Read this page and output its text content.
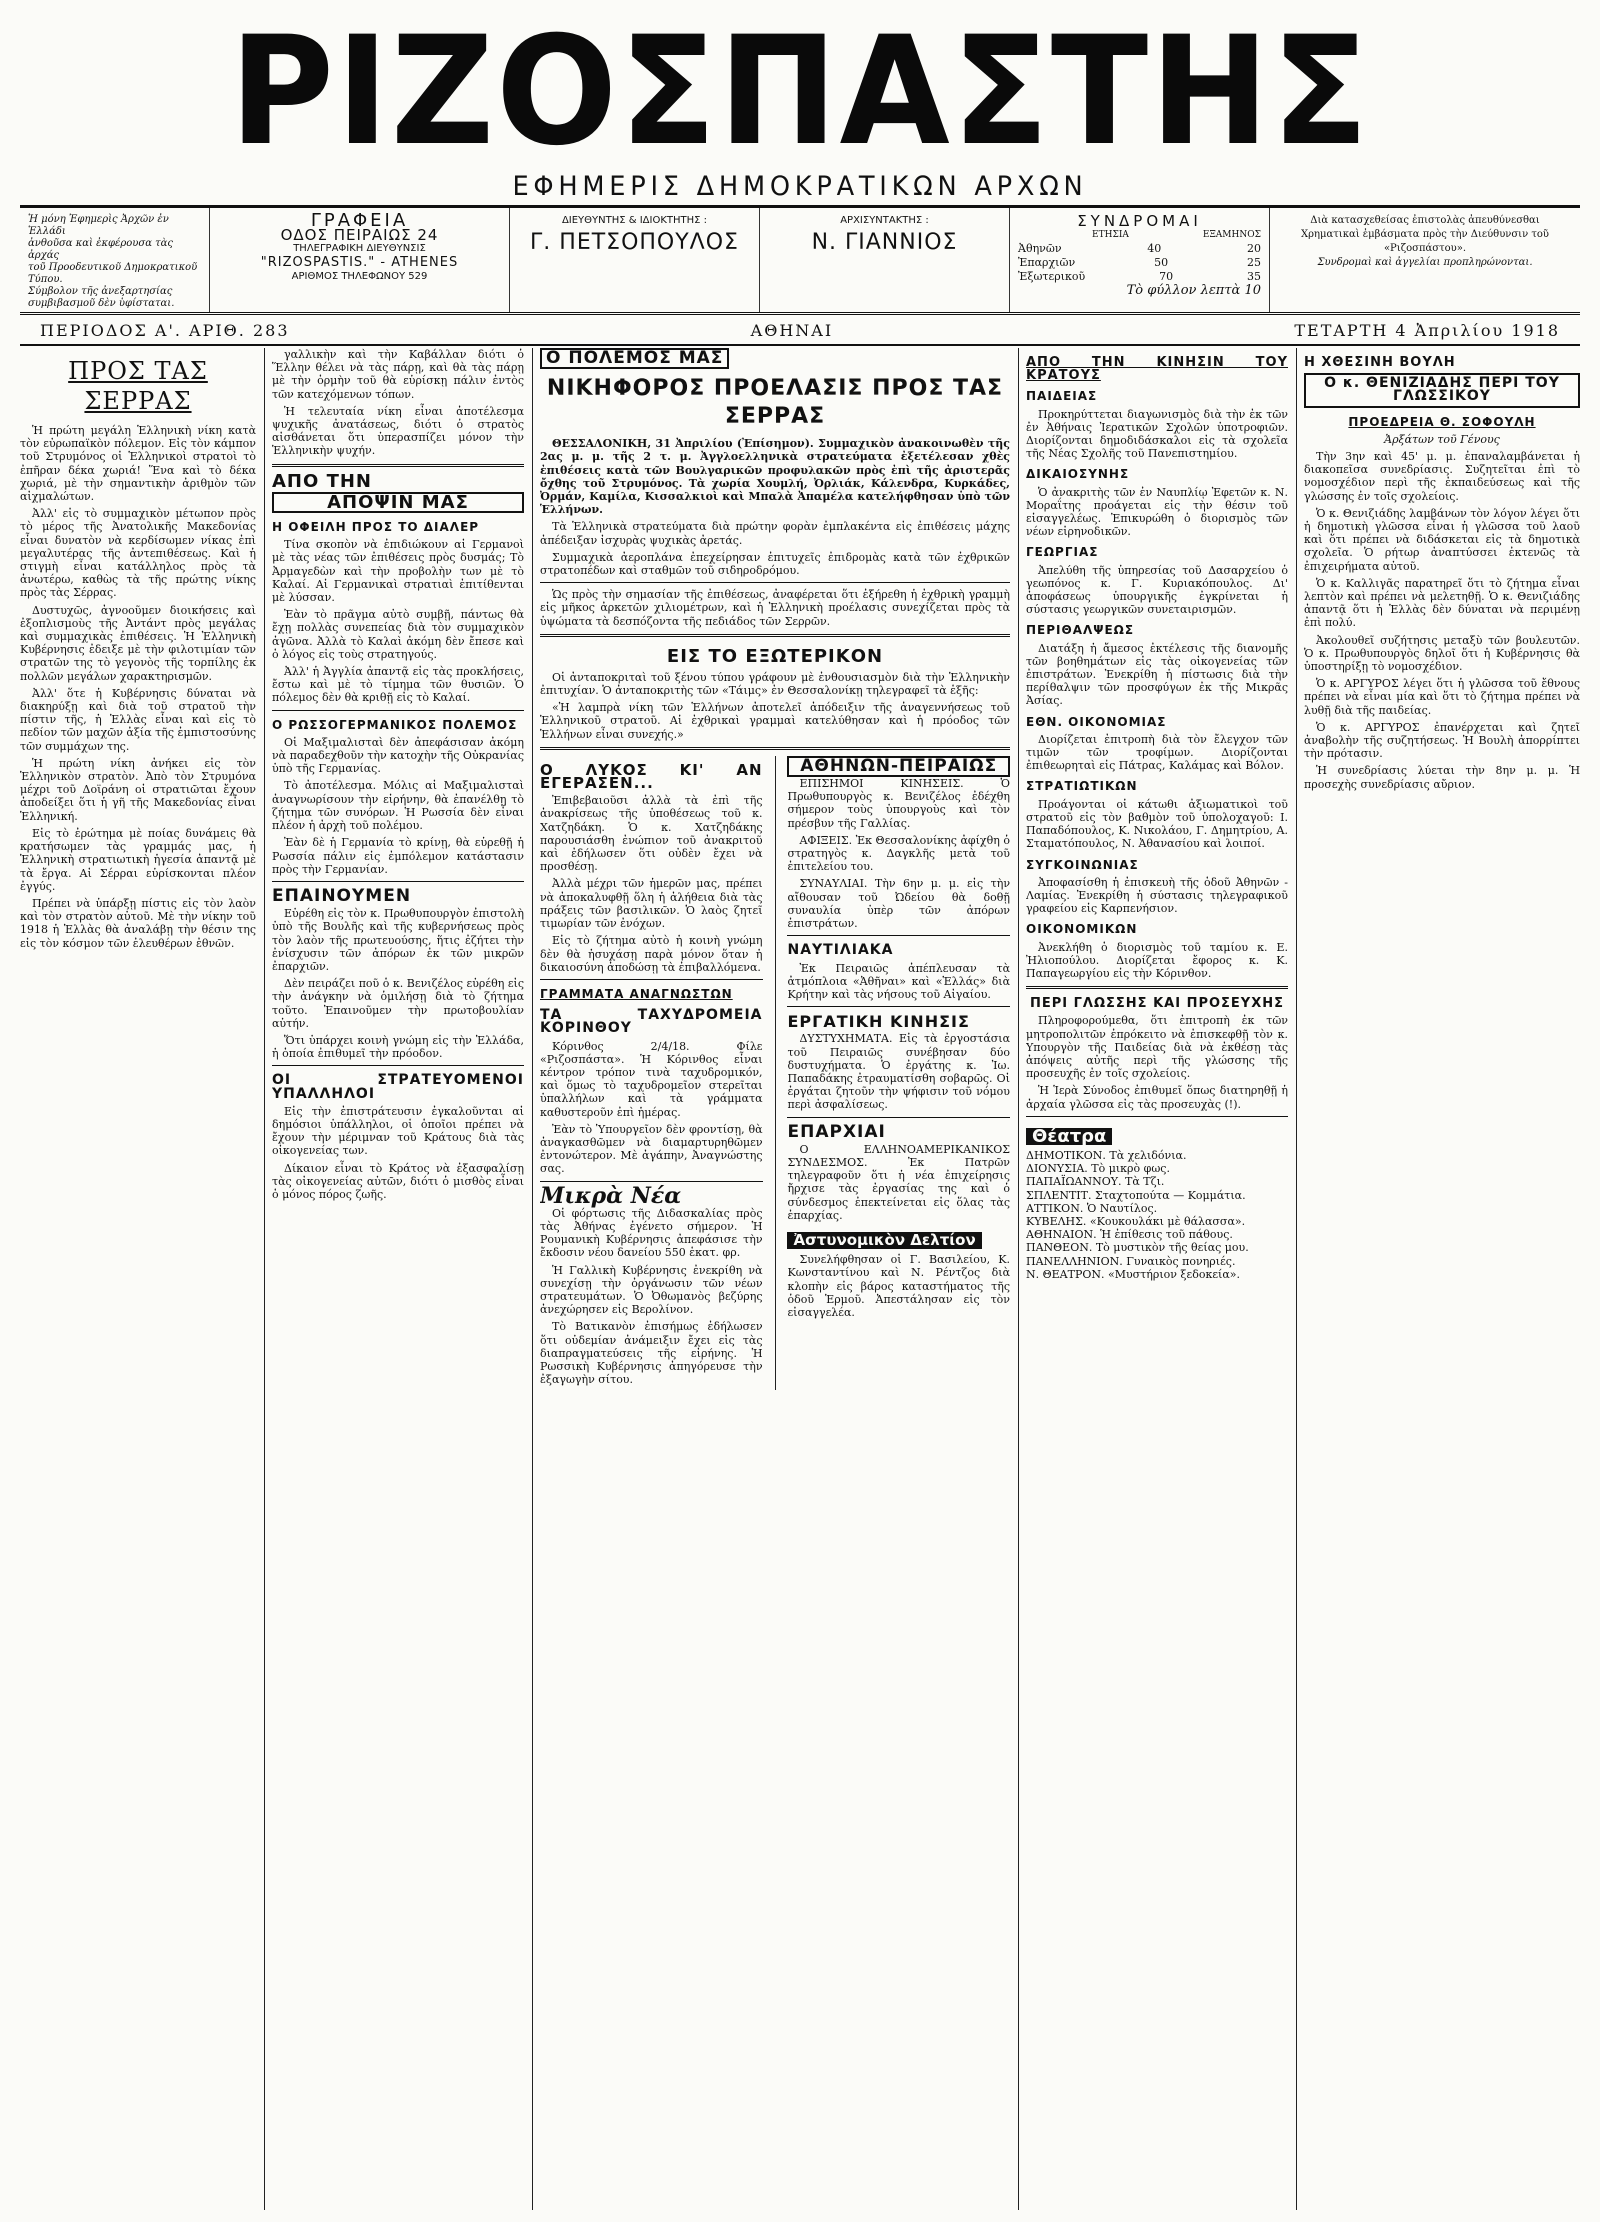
ΡΙΖΟΣΠΑΣΤΗΣ
ΕΦΗΜΕΡΙΣ ΔΗΜΟΚΡΑΤΙΚΩΝ ΑΡΧΩΝ
Ἡ μόνη Ἐφημερὶς Ἀρχῶν ἐν Ἑλλάδι
ἀνθοῦσα καὶ ἐκφέρουσα τὰς ἀρχάς
τοῦ Προοδευτικοῦ Δημοκρατικοῦ Τύπου.
Σύμβολον τῆς ἀνεξαρτησίας
συμβιβασμοῦ δὲν ὑφίσταται.
ΓΡΑΦΕΙΑ
ΟΔΟΣ ΠΕΙΡΑΙΩΣ 24
ΤΗΛΕΓΡΑΦΙΚΗ ΔΙΕΥΘΥΝΣΙΣ
"RIZOSPASTIS." - ATHENES
ΑΡΙΘΜΟΣ ΤΗΛΕΦΩΝΟΥ 529
ΔΙΕΥΘΥΝΤΗΣ & ΙΔΙΟΚΤΗΤΗΣ :
Γ. ΠΕΤΣΟΠΟΥΛΟΣ
ΑΡΧΙΣΥΝΤΑΚΤΗΣ :
Ν. ΓΙΑΝΝΙΟΣ
ΣΥΝΔΡΟΜΑΙ
ΕΤΗΣΙΑ	ΕΞΑΜΗΝΟΣ
Ἀθηνῶν	40	20
Ἐπαρχιῶν	50	25
Ἐξωτερικοῦ	70	35
Τὸ φύλλον λεπτὰ 10
Διὰ κατασχεθείσας ἐπιστολὰς ἀπευθύνεσθαι
Χρηματικαὶ ἐμβάσματα πρὸς τὴν Διεύθυνσιν τοῦ
«Ριζοσπάστου».
Συνδρομαὶ καὶ ἀγγελίαι προπληρώνονται.
ΠΕΡΙΟΔΟΣ Α'. ΑΡΙΘ. 283	ΑΘΗΝΑΙ	ΤΕΤΑΡΤΗ 4 Ἀπριλίου 1918
ΠΡΟΣ ΤΑΣ ΣΕΡΡΑΣ

Ἡ πρώτη μεγάλη Ἑλληνικὴ νίκη κατὰ τὸν εὐρωπαϊκὸν πόλεμον. Εἰς τὸν κάμπον τοῦ Στρυμόνος οἱ Ἑλληνικοὶ στρατοὶ τὸ ἐπῆραν δέκα χωριά! Ἕνα καὶ τὸ δέκα χωριά, μὲ τὴν σημαντικὴν ἀριθμὸν τῶν αἰχμαλώτων.

Ἀλλ' εἰς τὸ συμμαχικὸν μέτωπον πρὸς τὸ μέρος τῆς Ἀνατολικῆς Μακεδονίας εἶναι δυνατὸν νὰ κερδίσωμεν νίκας ἐπὶ μεγαλυτέρας τῆς ἀντεπιθέσεως. Καὶ ἡ στιγμὴ εἶναι κατάλληλος πρὸς τὰ ἀνωτέρω, καθὼς τὰ τῆς πρώτης νίκης πρὸς τὰς Σέρρας.

Δυστυχῶς, ἀγνοοῦμεν διοικήσεις καὶ ἐξοπλισμοὺς τῆς Ἀντάντ πρὸς μεγάλας καὶ συμμαχικὰς ἐπιθέσεις. Ἡ Ἑλληνικὴ Κυβέρνησις ἐδειξε μὲ τὴν φιλοτιμίαν τῶν στρατῶν της τὸ γεγονὸς τῆς τορπίλης ἐκ πολλῶν μεγάλων χαρακτηρισμῶν.

Ἀλλ' ὅτε ἡ Κυβέρνησις δύναται νὰ διακηρύξῃ καὶ διὰ τοῦ στρατοῦ τὴν πίστιν τῆς, ἡ Ἑλλὰς εἶναι καὶ εἰς τὸ πεδίον τῶν μαχῶν ἀξία τῆς ἐμπιστοσύνης τῶν συμμάχων της.

Ἡ πρώτη νίκη ἀνήκει εἰς τὸν Ἑλληνικὸν στρατὸν. Ἀπὸ τὸν Στρυμόνα μέχρι τοῦ Δοϊράνη οἱ στρατιῶται ἔχουν ἀποδείξει ὅτι ἡ γῆ τῆς Μακεδονίας εἶναι Ἑλληνική.

Εἰς τὸ ἐρώτημα μὲ ποίας δυνάμεις θὰ κρατήσωμεν τὰς γραμμάς μας, ἡ Ἑλληνικὴ στρατιωτικὴ ἡγεσία ἀπαντᾷ μὲ τὰ ἔργα. Αἱ Σέρραι εὑρίσκονται πλέον ἐγγύς.

Πρέπει νὰ ὑπάρξῃ πίστις εἰς τὸν λαὸν καὶ τὸν στρατὸν αὐτοῦ. Μὲ τὴν νίκην τοῦ 1918 ἡ Ἑλλὰς θὰ ἀναλάβῃ τὴν θέσιν της εἰς τὸν κόσμον τῶν ἐλευθέρων ἐθνῶν.

γαλλικὴν καὶ τὴν Καβάλλαν διότι ὁ Ἕλλην θέλει νὰ τὰς πάρῃ, καὶ θὰ τὰς πάρῃ μὲ τὴν ὁρμὴν τοῦ θὰ εὑρίσκῃ πάλιν ἐντὸς τῶν κατεχόμενων τόπων.

Ἡ τελευταία νίκη εἶναι ἀποτέλεσμα ψυχικῆς ἀνατάσεως, διότι ὁ στρατὸς αἰσθάνεται ὅτι ὑπερασπίζει μόνον τὴν Ἑλληνικὴν ψυχήν.

ΑΠΟ ΤΗΝ
ΑΠΟΨΙΝ ΜΑΣ
Η ΟΦΕΙΛΗ ΠΡΟΣ ΤΟ ΔΙΑΛΕΡ

Τίνα σκοπὸν νὰ ἐπιδιώκουν αἱ Γερμανοὶ μὲ τὰς νέας τῶν ἐπιθέσεις πρὸς δυσμάς; Τὸ Ἀρμαγεδὼν καὶ τὴν προβολὴν των μὲ τὸ Καλαί. Αἱ Γερμανικαὶ στρατιαὶ ἐπιτίθενται μὲ λύσσαν.

Ἐὰν τὸ πρᾶγμα αὐτὸ συμβῇ, πάντως θὰ ἔχῃ πολλὰς συνεπείας διὰ τὸν συμμαχικὸν ἀγῶνα. Ἀλλὰ τὸ Καλαὶ ἀκόμη δὲν ἔπεσε καὶ ὁ λόγος εἰς τοὺς στρατηγούς.

Ἀλλ' ἡ Ἀγγλία ἀπαντᾷ εἰς τὰς προκλήσεις, ἔστω καὶ μὲ τὸ τίμημα τῶν θυσιῶν. Ὁ πόλεμος δὲν θὰ κριθῇ εἰς τὸ Καλαί.

Ο ΡΩΣΣΟΓΕΡΜΑΝΙΚΟΣ ΠΟΛΕΜΟΣ

Οἱ Μαξιμαλισταὶ δὲν ἀπεφάσισαν ἀκόμη νὰ παραδεχθοῦν τὴν κατοχὴν τῆς Οὐκρανίας ὑπὸ τῆς Γερμανίας.

Τὸ ἀποτέλεσμα. Μόλις αἱ Μαξιμαλισταὶ ἀναγνωρίσουν τὴν εἰρήνην, θὰ ἐπανέλθῃ τὸ ζήτημα τῶν συνόρων. Ἡ Ρωσσία δὲν εἶναι πλέον ἡ ἀρχὴ τοῦ πολέμου.

Ἐὰν δὲ ἡ Γερμανία τὸ κρίνῃ, θὰ εὑρεθῇ ἡ Ρωσσία πάλιν εἰς ἐμπόλεμον κατάστασιν πρὸς τὴν Γερμανίαν.

ΕΠΑΙΝΟΥΜΕΝ

Εὑρέθη εἰς τὸν κ. Πρωθυπουργὸν ἐπιστολὴ ὑπὸ τῆς Βουλῆς καὶ τῆς κυβερνήσεως πρὸς τὸν λαὸν τῆς πρωτευούσης, ἥτις ἐζήτει τὴν ἐνίσχυσιν τῶν ἀπόρων ἐκ τῶν μικρῶν ἐπαρχιῶν.

Δὲν πειράζει ποῦ ὁ κ. Βενιζέλος εὑρέθη εἰς τὴν ἀνάγκην νὰ ὁμιλήσῃ διὰ τὸ ζήτημα τοῦτο. Ἐπαινοῦμεν τὴν πρωτοβουλίαν αὐτήν.

Ὅτι ὑπάρχει κοινὴ γνώμη εἰς τὴν Ἑλλάδα, ἡ ὁποία ἐπιθυμεῖ τὴν πρόοδον.

ΟΙ ΣΤΡΑΤΕΥΟΜΕΝΟΙ ΥΠΑΛΛΗΛΟΙ

Εἰς τὴν ἐπιστράτευσιν ἐγκαλοῦνται αἱ δημόσιοι ὑπάλληλοι, οἱ ὁποῖοι πρέπει νὰ ἔχουν τὴν μέριμναν τοῦ Κράτους διὰ τὰς οἰκογενείας των.

Δίκαιον εἶναι τὸ Κράτος νὰ ἐξασφαλίσῃ τὰς οἰκογενείας αὐτῶν, διότι ὁ μισθὸς εἶναι ὁ μόνος πόρος ζωῆς.

Ο ΠΟΛΕΜΟΣ ΜΑΣ
ΝΙΚΗΦΟΡΟΣ ΠΡΟΕΛΑΣΙΣ ΠΡΟΣ ΤΑΣ ΣΕΡΡΑΣ

ΘΕΣΣΑΛΟΝΙΚΗ, 31 Ἀπριλίου (Ἐπίσημον). Συμμαχικὸν ἀνακοινωθὲν τῆς 2ας μ. μ. τῆς 2 τ. μ. Ἀγγλοελληνικὰ στρατεύματα ἐξετέλεσαν χθὲς ἐπιθέσεις κατὰ τῶν Βουλγαρικῶν προφυλακῶν πρὸς ἐπὶ τῆς ἀριστερᾶς ὄχθης τοῦ Στρυμόνος. Τὰ χωρία Χουμλή, Ὀρλιάκ, Κάλενδρα, Κυρκάδες, Ὀρμάν, Καμίλα, Κισσαλκιοὶ καὶ Μπαλὰ Ἀπαμέλα κατελήφθησαν ὑπὸ τῶν Ἑλλήνων.

Τὰ Ἑλληνικὰ στρατεύματα διὰ πρώτην φορὰν ἐμπλακέντα εἰς ἐπιθέσεις μάχης ἀπέδειξαν ἰσχυρὰς ψυχικὰς ἀρετάς.

Συμμαχικὰ ἀεροπλάνα ἐπεχείρησαν ἐπιτυχεῖς ἐπιδρομὰς κατὰ τῶν ἐχθρικῶν στρατοπέδων καὶ σταθμῶν τοῦ σιδηροδρόμου.

Ὡς πρὸς τὴν σημασίαν τῆς ἐπιθέσεως, ἀναφέρεται ὅτι ἐξήρεθη ἡ ἐχθρικὴ γραμμὴ εἰς μῆκος ἀρκετῶν χιλιομέτρων, καὶ ἡ Ἑλληνικὴ προέλασις συνεχίζεται πρὸς τὰ ὑψώματα τὰ δεσπόζοντα τῆς πεδιάδος τῶν Σερρῶν.

ΕΙΣ ΤΟ ΕΞΩΤΕΡΙΚΟΝ

Οἱ ἀνταποκριταὶ τοῦ ξένου τύπου γράφουν μὲ ἐνθουσιασμὸν διὰ τὴν Ἑλληνικὴν ἐπιτυχίαν. Ὁ ἀνταποκριτὴς τῶν «Τάιμς» ἐν Θεσσαλονίκῃ τηλεγραφεῖ τὰ ἑξῆς:

«Ἡ λαμπρὰ νίκη τῶν Ἑλλήνων ἀποτελεῖ ἀπόδειξιν τῆς ἀναγεννήσεως τοῦ Ἑλληνικοῦ στρατοῦ. Αἱ ἐχθρικαὶ γραμμαὶ κατελύθησαν καὶ ἡ πρόοδος τῶν Ἑλλήνων εἶναι συνεχής.»

Ο ΛΥΚΟΣ ΚΙ' ΑΝ ΕΓΕΡΑΣΕΝ...

Ἐπιβεβαιοῦσι ἀλλὰ τὰ ἐπὶ τῆς ἀνακρίσεως τῆς ὑποθέσεως τοῦ κ. Χατζηδάκη. Ὁ κ. Χατζηδάκης παρουσιάσθη ἐνώπιον τοῦ ἀνακριτοῦ καὶ ἐδήλωσεν ὅτι οὐδὲν ἔχει νὰ προσθέσῃ.

Ἀλλὰ μέχρι τῶν ἡμερῶν μας, πρέπει νὰ ἀποκαλυφθῇ ὅλη ἡ ἀλήθεια διὰ τὰς πράξεις τῶν βασιλικῶν. Ὁ λαὸς ζητεῖ τιμωρίαν τῶν ἐνόχων.

Εἰς τὸ ζήτημα αὐτὸ ἡ κοινὴ γνώμη δὲν θὰ ἡσυχάσῃ παρὰ μόνον ὅταν ἡ δικαιοσύνη ἀποδώσῃ τὰ ἐπιβαλλόμενα.

ΓΡΑΜΜΑΤΑ ΑΝΑΓΝΩΣΤΩΝ
ΤΑ ΤΑΧΥΔΡΟΜΕΙΑ ΚΟΡΙΝΘΟΥ

Κόρινθος 2/4/18. Φίλε «Ριζοσπάστα». Ἡ Κόρινθος εἶναι κέντρον τρόπον τινὰ ταχυδρομικόν, καὶ ὅμως τὸ ταχυδρομεῖον στερεῖται ὑπαλλήλων καὶ τὰ γράμματα καθυστεροῦν ἐπὶ ἡμέρας.

Ἐὰν τὸ Ὑπουργεῖον δὲν φροντίσῃ, θὰ ἀναγκασθῶμεν νὰ διαμαρτυρηθῶμεν ἐντονώτερον. Μὲ ἀγάπην, Ἀναγνώστης σας.

Μικρὰ Νέα

Οἱ φόρτωσις τῆς Διδασκαλίας πρὸς τὰς Ἀθήνας ἐγένετο σήμερον. Ἡ Ρουμανικὴ Κυβέρνησις ἀπεφάσισε τὴν ἔκδοσιν νέου δανείου 550 ἑκατ. φρ.

Ἡ Γαλλικὴ Κυβέρνησις ἐνεκρίθη νὰ συνεχίσῃ τὴν ὀργάνωσιν τῶν νέων στρατευμάτων. Ὁ Ὀθωμανὸς βεζύρης ἀνεχώρησεν εἰς Βερολίνον.

Τὸ Βατικανὸν ἐπισήμως ἐδήλωσεν ὅτι οὐδεμίαν ἀνάμειξιν ἔχει εἰς τὰς διαπραγματεύσεις τῆς εἰρήνης. Ἡ Ρωσσικὴ Κυβέρνησις ἀπηγόρευσε τὴν ἐξαγωγὴν σίτου.

ΑΘΗΝΩΝ-ΠΕΙΡΑΙΩΣ

ΕΠΙΣΗΜΟΙ ΚΙΝΗΣΕΙΣ. Ὁ Πρωθυπουργὸς κ. Βενιζέλος ἐδέχθη σήμερον τοὺς ὑπουργοὺς καὶ τὸν πρέσβυν τῆς Γαλλίας.

ΑΦΙΞΕΙΣ. Ἐκ Θεσσαλονίκης ἀφίχθη ὁ στρατηγὸς κ. Δαγκλῆς μετὰ τοῦ ἐπιτελείου του.

ΣΥΝΑΥΛΙΑΙ. Τὴν 6ην μ. μ. εἰς τὴν αἴθουσαν τοῦ Ὠδείου θὰ δοθῇ συναυλία ὑπὲρ τῶν ἀπόρων ἐπιστράτων.

ΝΑΥΤΙΛΙΑΚΑ

Ἐκ Πειραιῶς ἀπέπλευσαν τὰ ἀτμόπλοια «Ἀθῆναι» καὶ «Ἑλλάς» διὰ Κρήτην καὶ τὰς νήσους τοῦ Αἰγαίου.

ΕΡΓΑΤΙΚΗ ΚΙΝΗΣΙΣ

ΔΥΣΤΥΧΗΜΑΤΑ. Εἰς τὰ ἐργοστάσια τοῦ Πειραιῶς συνέβησαν δύο δυστυχήματα. Ὁ ἐργάτης κ. Ἰω. Παπαδάκης ἐτραυματίσθη σοβαρῶς. Οἱ ἐργάται ζητοῦν τὴν ψήφισιν τοῦ νόμου περὶ ἀσφαλίσεως.

ΕΠΑΡΧΙΑΙ

Ο ΕΛΛΗΝΟΑΜΕΡΙΚΑΝΙΚΟΣ ΣΥΝΔΕΣΜΟΣ. Ἐκ Πατρῶν τηλεγραφοῦν ὅτι ἡ νέα ἐπιχείρησις ἤρχισε τὰς ἐργασίας της καὶ ὁ σύνδεσμος ἐπεκτείνεται εἰς ὅλας τὰς ἐπαρχίας.

Ἀστυνομικὸν Δελτίον

Συνελήφθησαν οἱ Γ. Βασιλείου, Κ. Κωνσταντίνου καὶ Ν. Ρέντζος διὰ κλοπὴν εἰς βάρος καταστήματος τῆς ὁδοῦ Ἑρμοῦ. Ἀπεστάλησαν εἰς τὸν εἰσαγγελέα.

ΑΠΟ ΤΗΝ ΚΙΝΗΣΙΝ ΤΟΥ ΚΡΑΤΟΥΣ
ΠΑΙΔΕΙΑΣ

Προκηρύττεται διαγωνισμὸς διὰ τὴν ἐκ τῶν ἐν Ἀθήναις Ἰερατικῶν Σχολῶν ὑποτροφιῶν. Διορίζονται δημοδιδάσκαλοι εἰς τὰ σχολεῖα τῆς Νέας Σχολῆς τοῦ Πανεπιστημίου.

ΔΙΚΑΙΟΣΥΝΗΣ

Ὁ ἀνακριτὴς τῶν ἐν Ναυπλίῳ Ἐφετῶν κ. Ν. Μοραΐτης προάγεται εἰς τὴν θέσιν τοῦ εἰσαγγελέως. Ἐπικυρώθη ὁ διορισμὸς τῶν νέων εἰρηνοδικῶν.

ΓΕΩΡΓΙΑΣ

Ἀπελύθη τῆς ὑπηρεσίας τοῦ Δασαρχείου ὁ γεωπόνος κ. Γ. Κυριακόπουλος. Δι' ἀποφάσεως ὑπουργικῆς ἐγκρίνεται ἡ σύστασις γεωργικῶν συνεταιρισμῶν.

ΠΕΡΙΘΑΛΨΕΩΣ

Διατάξη ἡ ἄμεσος ἐκτέλεσις τῆς διανομῆς τῶν βοηθημάτων εἰς τὰς οἰκογενείας τῶν ἐπιστράτων. Ἐνεκρίθη ἡ πίστωσις διὰ τὴν περίθαλψιν τῶν προσφύγων ἐκ τῆς Μικρᾶς Ἀσίας.

ΕΘΝ. ΟΙΚΟΝΟΜΙΑΣ

Διορίζεται ἐπιτροπὴ διὰ τὸν ἔλεγχον τῶν τιμῶν τῶν τροφίμων. Διορίζονται ἐπιθεωρηταὶ εἰς Πάτρας, Καλάμας καὶ Βόλον.

ΣΤΡΑΤΙΩΤΙΚΩΝ

Προάγονται οἱ κάτωθι ἀξιωματικοὶ τοῦ στρατοῦ εἰς τὸν βαθμὸν τοῦ ὑπολοχαγοῦ: Ι. Παπαδόπουλος, Κ. Νικολάου, Γ. Δημητρίου, Α. Σταματόπουλος, Ν. Ἀθανασίου καὶ λοιποί.

ΣΥΓΚΟΙΝΩΝΙΑΣ

Ἀποφασίσθη ἡ ἐπισκευὴ τῆς ὁδοῦ Ἀθηνῶν - Λαμίας. Ἐνεκρίθη ἡ σύστασις τηλεγραφικοῦ γραφείου εἰς Καρπενήσιον.

ΟΙΚΟΝΟΜΙΚΩΝ

Ἀνεκλήθη ὁ διορισμὸς τοῦ ταμίου κ. Ε. Ἠλιοπούλου. Διορίζεται ἔφορος κ. Κ. Παπαγεωργίου εἰς τὴν Κόρινθον.

ΠΕΡΙ ΓΛΩΣΣΗΣ ΚΑΙ ΠΡΟΣΕΥΧΗΣ

Πληροφορούμεθα, ὅτι ἐπιτροπὴ ἐκ τῶν μητροπολιτῶν ἐπρόκειτο νὰ ἐπισκεφθῇ τὸν κ. Υπουργὸν τῆς Παιδείας διὰ νὰ ἐκθέσῃ τὰς ἀπόψεις αὐτῆς περὶ τῆς γλώσσης τῆς προσευχῆς ἐν τοῖς σχολείοις.

Ἡ Ἱερὰ Σύνοδος ἐπιθυμεῖ ὅπως διατηρηθῇ ἡ ἀρχαία γλῶσσα εἰς τὰς προσευχὰς (!).

Θέατρα
ΔΗΜΟΤΙΚΟΝ. Τὰ χελιδόνια.
ΔΙΟΝΥΣΙΑ. Τὸ μικρὸ φως.
ΠΑΠΑΪΩΑΝΝΟΥ. Τὰ Τζι.
ΣΠΛΕΝΤΙΤ. Σταχτοπούτα — Κομμάτια.
ΑΤΤΙΚΟΝ. Ὁ Ναυτίλος.
ΚΥΒΕΛΗΣ. «Κουκουλάκι μὲ θάλασσα».
ΑΘΗΝΑΙΟΝ. Ἡ ἐπίθεσις τοῦ πάθους.
ΠΑΝΘΕΟΝ. Τὸ μυστικὸν τῆς θείας μου.
ΠΑΝΕΛΛΗΝΙΟΝ. Γυναικὸς πονηριές.
Ν. ΘΕΑΤΡΟΝ. «Μυστήριον ξεδοκεία».
Η ΧΘΕΣΙΝΗ ΒΟΥΛΗ
Ο κ. ΘΕΝΙΖΙΑΔΗΣ ΠΕΡΙ ΤΟΥ ΓΛΩΣΣΙΚΟΥ
ΠΡΟΕΔΡΕΙΑ Θ. ΣΟΦΟΥΛΗ
Ἀρξάτων τοῦ Γένους

Τὴν 3ην καὶ 45' μ. μ. ἐπαναλαμβάνεται ἡ διακοπεῖσα συνεδρίασις. Συζητεῖται ἐπὶ τὸ νομοσχέδιον περὶ τῆς ἐκπαιδεύσεως καὶ τῆς γλώσσης ἐν τοῖς σχολείοις.

Ὁ κ. Θενιζιάδης λαμβάνων τὸν λόγον λέγει ὅτι ἡ δημοτικὴ γλῶσσα εἶναι ἡ γλῶσσα τοῦ λαοῦ καὶ ὅτι πρέπει νὰ διδάσκεται εἰς τὰ δημοτικὰ σχολεῖα. Ὁ ρήτωρ ἀναπτύσσει ἐκτενῶς τὰ ἐπιχειρήματα αὐτοῦ.

Ὁ κ. Καλλιγᾶς παρατηρεῖ ὅτι τὸ ζήτημα εἶναι λεπτὸν καὶ πρέπει νὰ μελετηθῇ. Ὁ κ. Θενιζιάδης ἀπαντᾷ ὅτι ἡ Ἑλλὰς δὲν δύναται νὰ περιμένῃ ἐπὶ πολύ.

Ἀκολουθεῖ συζήτησις μεταξὺ τῶν βουλευτῶν. Ὁ κ. Πρωθυπουργὸς δηλοῖ ὅτι ἡ Κυβέρνησις θὰ ὑποστηρίξῃ τὸ νομοσχέδιον.

Ὁ κ. ΑΡΓΥΡΟΣ λέγει ὅτι ἡ γλῶσσα τοῦ ἔθνους πρέπει νὰ εἶναι μία καὶ ὅτι τὸ ζήτημα πρέπει νὰ λυθῇ διὰ τῆς παιδείας.

Ὁ κ. ΑΡΓΥΡΟΣ ἐπανέρχεται καὶ ζητεῖ ἀναβολὴν τῆς συζητήσεως. Ἡ Βουλὴ ἀπορρίπτει τὴν πρότασιν.

Ἡ συνεδρίασις λύεται τὴν 8ην μ. μ. Ἡ προσεχὴς συνεδρίασις αὔριον.
